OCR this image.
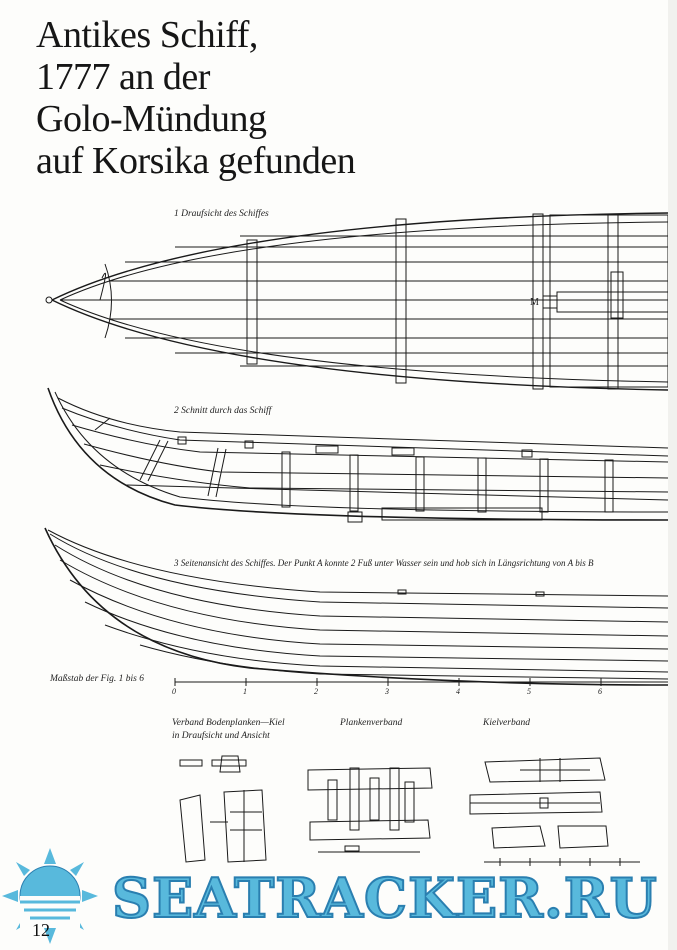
Antikes Schiff,
1777 an der
Golo-Mündung
auf Korsika gefunden
1 Draufsicht des Schiffes
M
2 Schnitt durch das Schiff
3 Seitenansicht des Schiffes. Der Punkt A konnte 2 Fuß unter Wasser sein und hob sich in Längsrichtung von A bis B
Maßstab der Fig. 1 bis 6
0	1	2	3	4	5	6
Verband Bodenplanken—Kiel
in Draufsicht und Ansicht
Plankenverband	Kielverband
SEATRACKER.RU
12
